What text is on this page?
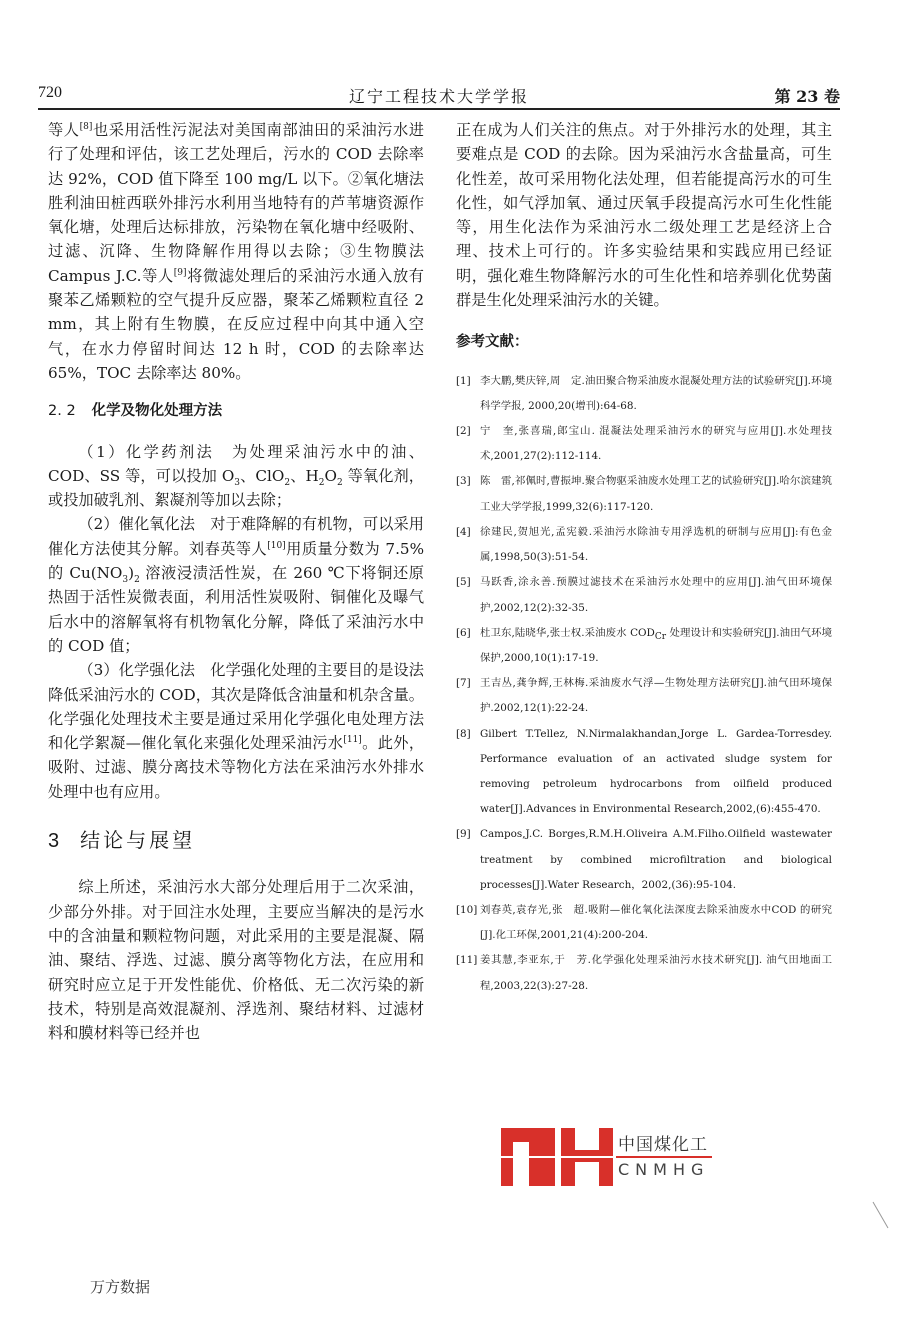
720	辽宁工程技术大学学报	第 23 卷

等人[8]也采用活性污泥法对美国南部油田的采油污水进行了处理和评估，该工艺处理后，污水的 COD 去除率达 92%，COD 值下降至 100 mg/L 以下。②氧化塘法　胜利油田桩西联外排污水利用当地特有的芦苇塘资源作氧化塘，处理后达标排放，污染物在氧化塘中经吸附、过滤、沉降、生物降解作用得以去除；③生物膜法　Campus J.C.等人[9]将微滤处理后的采油污水通入放有聚苯乙烯颗粒的空气提升反应器，聚苯乙烯颗粒直径 2 mm，其上附有生物膜，在反应过程中向其中通入空气，在水力停留时间达 12 h 时，COD 的去除率达 65%，TOC 去除率达 80%。

2. 2 化学及物化处理方法

（1）化学药剂法　为处理采油污水中的油、COD、SS 等，可以投加 $O_3$、ClO$_2$、$H_2O_2$ 等氧化剂，或投加破乳剂、絮凝剂等加以去除；

（2）催化氧化法　对于难降解的有机物，可以采用催化方法使其分解。刘春英等人[10]用质量分数为 7.5%的 $Cu(NO_3)_2$ 溶液浸渍活性炭，在 260 ℃下将铜还原热固于活性炭微表面，利用活性炭吸附、铜催化及曝气后水中的溶解氧将有机物氧化分解，降低了采油污水中的 COD 值；

（3）化学强化法　化学强化处理的主要目的是设法降低采油污水的 COD，其次是降低含油量和机杂含量。化学强化处理技术主要是通过采用化学强化电处理方法和化学絮凝—催化氧化来强化处理采油污水[11]。此外，吸附、过滤、膜分离技术等物化方法在采油污水外排水处理中也有应用。

3 结论与展望

综上所述，采油污水大部分处理后用于二次采油，少部分外排。对于回注水处理，主要应当解决的是污水中的含油量和颗粒物问题，对此采用的主要是混凝、隔油、聚结、浮选、过滤、膜分离等物化方法，在应用和研究时应立足于开发性能优、价格低、无二次污染的新技术，特别是高效混凝剂、浮选剂、聚结材料、过滤材料和膜材料等已经并也

正在成为人们关注的焦点。对于外排污水的处理，其主要难点是 COD 的去除。因为采油污水含盐量高，可生化性差，故可采用物化法处理，但若能提高污水的可生化性，如气浮加氧、通过厌氧手段提高污水可生化性能等，用生化法作为采油污水二级处理工艺是经济上合理、技术上可行的。许多实验结果和实践应用已经证明，强化难生物降解污水的可生化性和培养驯化优势菌群是生化处理采油污水的关键。

参考文献：
[1] 李大鹏,樊庆锌,周　定.油田聚合物采油废水混凝处理方法的试验研究[J].环境科学学报, 2000,20(增刊):64-68.
[2] 宁　奎,张喜瑞,郎宝山. 混凝法处理采油污水的研究与应用[J].水处理技术,2001,27(2):112-114.
[3] 陈　雷,祁佩时,曹振坤.聚合物驱采油废水处理工艺的试验研究[J].哈尔滨建筑工业大学学报,1999,32(6):117-120.
[4] 徐建民,贺旭光,孟宪毅.采油污水除油专用浮选机的研制与应用[J]:有色金属,1998,50(3):51-54.
[5] 马跃香,涂永善.预膜过滤技术在采油污水处理中的应用[J].油气田环境保护,2002,12(2):32-35.
[6] 杜卫东,陆晓华,张士权.采油废水 $COD_{Cr}$ 处理设计和实验研究[J].油田气环境保护,2000,10(1):17-19.
[7] 王吉丛,龚争辉,王林梅.采油废水气浮—生物处理方法研究[J].油气田环境保护.2002,12(1):22-24.
[8] Gilbert T.Tellez, N.Nirmalakhandan,Jorge L. Gardea-Torresdey. Performance evaluation of an activated sludge system for removing petroleum hydrocarbons from oilfield produced water[J].Advances in Environmental Research,2002,(6):455-470.
[9] Campos,J.C. Borges,R.M.H.Oliveira A.M.Filho.Oilfield wastewater treatment by combined microfiltration and biological processes[J].Water Research，2002,(36):95-104.
[10] 刘春英,袁存光,张　超.吸附—催化氧化法深度去除采油废水中COD 的研究[J].化工环保,2001,21(4):200-204.
[11] 姜其慧,李亚东,于　芳.化学强化处理采油污水技术研究[J]. 油气田地面工程,2003,22(3):27-28.
中国煤化工
CNMHG
万方数据
